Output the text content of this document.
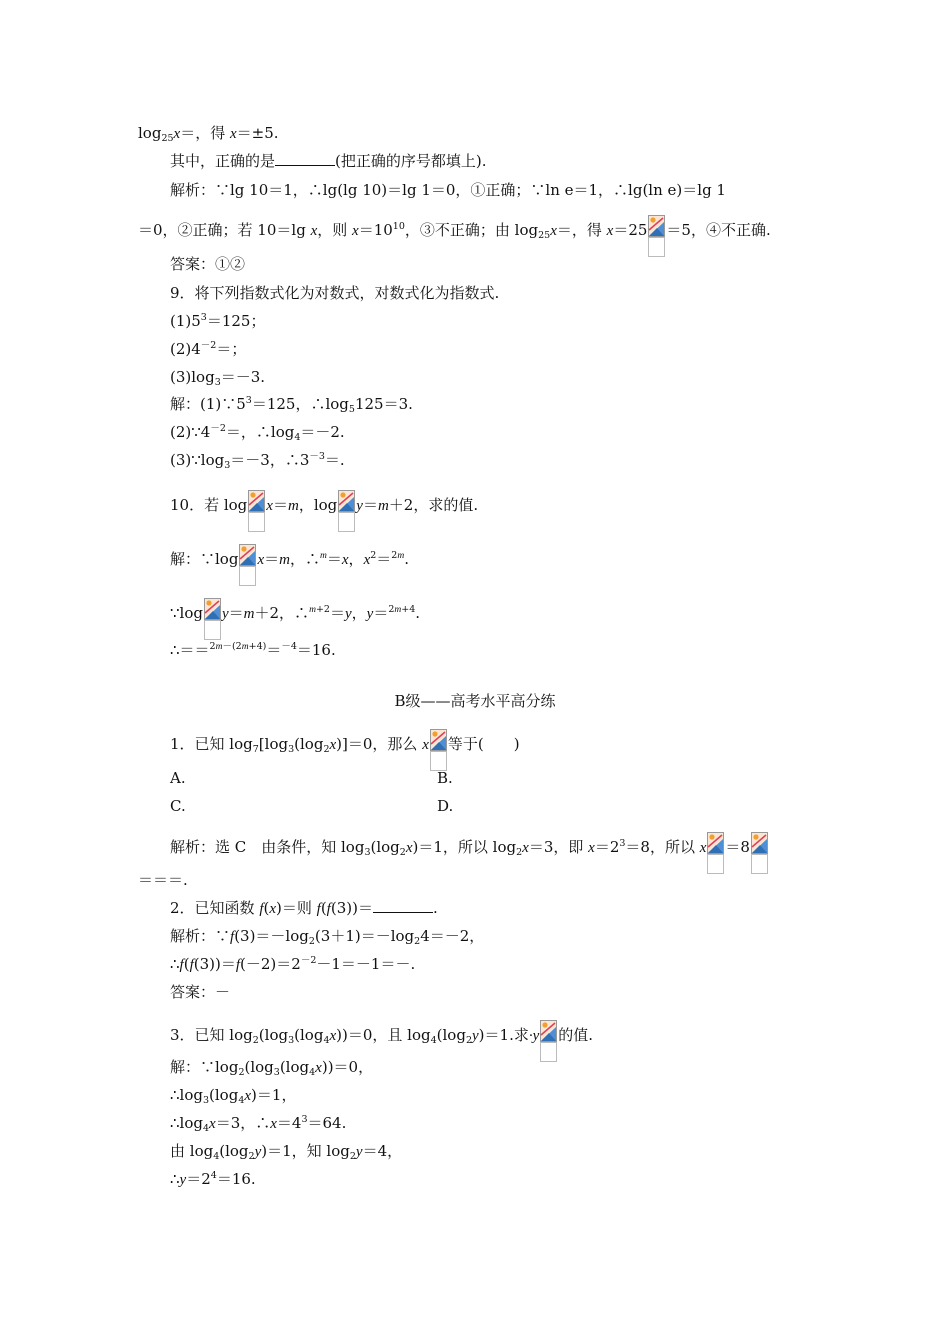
$\log_{25}x=$，得 x＝±5.
其中，正确的是	(把正确的序号都填上).
解析：∵lg 10＝1，∴lg(lg 10)＝lg 1＝0，①正确；∵ln e＝1，∴lg(ln e)＝lg 1
＝0，②正确；若 10＝lg x，则 $x=10^{10}$，③不正确；由 $\log_{25}x=$，得 x＝25 ＝5，④不正确.
答案：①②
9．将下列指数式化为对数式，对数式化为指数式.
$(1)5^3=125$；
$(2)4^{-2}=$；
$(3)\log_3=-3$.
解：$(1)\because 5^3=125$，$\therefore\log_5125=3$.
$(2)\because 4^{-2}=$，$\therefore\log_4=-2$.
$(3)\because\log_3=-3$，$\therefore 3^{-3}=$.
10．若 log x＝m，log y＝m＋2，求的值.
解：∵log x＝m，∴$^m$＝x，$x^2=^{2m}$.
∵log y＝m＋2，∴$^{m+2}$＝y，y＝$^{2m+4}$.
∴＝＝$^{2m-(2m+4)}$＝$^{-4}$＝16.
B级——高考水平高分练
1．已知 $\log_7[\log_3(\log_2x)]=0$，那么 x 等于(　　)
A.	B.
C.	D.
解析：选 C　由条件，知 $\log_3(\log_2x)=1$，所以 $\log_2x=3$，即 $x=2^3=8$，所以 x ＝8
＝＝＝.
2．已知函数 f(x)＝则 f(f(3))＝	.
解析：$\because f(3)=-\log_2(3+1)=-\log_24=-2$，
$\therefore f(f(3))=f(-2)=2^{-2}-1=-1=-$.
答案：－
3．已知 $\log_2(\log_3(\log_4x))=0$，且 $\log_4(\log_2y)=1$.求·y 的值.
解：$\because\log_2(\log_3(\log_4x))=0$，
$\therefore\log_3(\log_4x)=1$，
$\therefore\log_4x=3$，$\therefore x=4^3=64$.
由 $\log_4(\log_2y)=1$，知 $\log_2y=4$，
$\therefore y=2^4=16$.
